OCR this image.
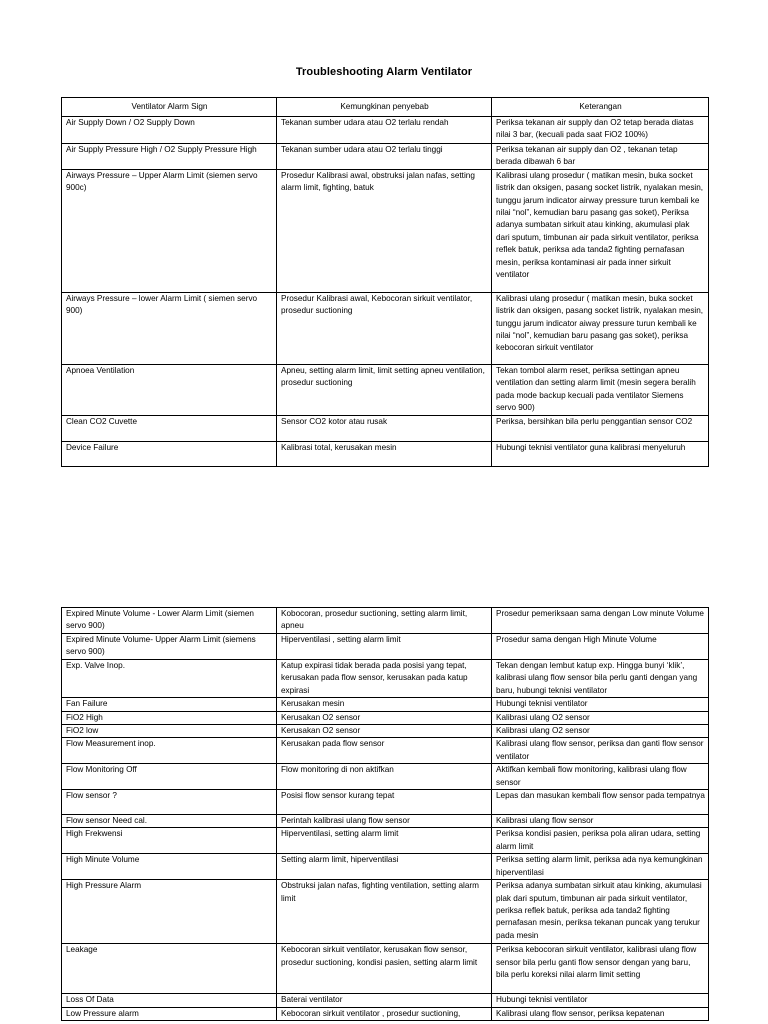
Troubleshooting Alarm Ventilator
Ventilator Alarm Sign	Kemungkinan penyebab	Keterangan
Air Supply Down / O2 Supply Down	Tekanan sumber udara atau O2 terlalu rendah	Periksa tekanan air supply dan O2 tetap berada diatas nilai 3 bar, (kecuali pada saat FiO2 100%)
Air Supply Pressure High / O2 Supply Pressure High	Tekanan sumber udara atau O2 terlalu tinggi	Periksa tekanan air supply dan O2 , tekanan tetap berada dibawah 6 bar
Airways Pressure – Upper Alarm Limit (siemen servo 900c)	Prosedur Kalibrasi awal, obstruksi jalan nafas, setting alarm limit, fighting, batuk	Kalibrasi ulang prosedur ( matikan mesin, buka socket listrik dan oksigen, pasang socket listrik, nyalakan mesin, tunggu jarum indicator airway pressure turun kembali ke nilai “nol”, kemudian baru pasang gas soket), Periksa adanya sumbatan sirkuit atau kinking, akumulasi plak dari sputum, timbunan air pada sirkuit ventilator, periksa reflek batuk, periksa ada tanda2 fighting pernafasan mesin, periksa kontaminasi air pada inner sirkuit ventilator
Airways Pressure – lower Alarm Limit ( siemen servo 900)	Prosedur Kalibrasi awal, Kebocoran sirkuit ventilator, prosedur suctioning	Kalibrasi ulang prosedur ( matikan mesin, buka socket listrik dan oksigen, pasang socket listrik, nyalakan mesin, tunggu jarum indicator aiway pressure turun kembali ke nilai “nol”, kemudian baru pasang gas soket), periksa kebocoran sirkuit ventilator
Apnoea Ventilation	Apneu, setting alarm limit, limit setting apneu ventilation, prosedur suctioning	Tekan tombol alarm reset, periksa settingan apneu ventilation dan setting alarm limit (mesin segera beralih pada mode backup kecuali pada ventilator Siemens servo 900)
Clean CO2 Cuvette	Sensor CO2 kotor atau rusak	Periksa, bersihkan bila perlu penggantian sensor CO2
Device Failure	Kalibrasi total, kerusakan mesin	Hubungi teknisi ventilator guna kalibrasi menyeluruh
Expired Minute Volume - Lower Alarm Limit (siemen servo 900)	Kobocoran, prosedur suctioning, setting alarm limit, apneu	Prosedur pemeriksaan sama dengan Low minute Volume
Expired Minute Volume- Upper Alarm Limit (siemens servo 900)	Hiperventilasi , setting alarm limit	Prosedur sama dengan High Minute Volume
Exp. Valve Inop.	Katup expirasi tidak berada pada posisi yang tepat, kerusakan pada flow sensor, kerusakan pada katup expirasi	Tekan dengan lembut katup exp. Hingga bunyi ‘klik’, kalibrasi ulang flow sensor bila perlu ganti dengan yang baru, hubungi teknisi ventilator
Fan Failure	Kerusakan mesin	Hubungi teknisi ventilator
FiO2 High	Kerusakan O2 sensor	Kalibrasi ulang O2 sensor
FiO2 low	Kerusakan O2 sensor	Kalibrasi ulang O2 sensor
Flow Measurement inop.	Kerusakan pada flow sensor	Kalibrasi ulang flow sensor, periksa dan ganti flow sensor ventilator
Flow Monitoring Off	Flow monitoring di non aktifkan	Aktifkan kembali flow monitoring, kalibrasi ulang flow sensor
Flow sensor ?	Posisi flow sensor kurang tepat	Lepas dan masukan kembali flow sensor pada tempatnya
Flow sensor Need cal.	Perintah kalibrasi ulang flow sensor	Kalibrasi ulang flow sensor
High Frekwensi	Hiperventilasi, setting alarm limit	Periksa kondisi pasien, periksa pola aliran udara, setting alarm limit
High Minute Volume	Setting alarm limit, hiperventilasi	Periksa setting alarm limit, periksa ada nya kemungkinan hiperventilasi
High Pressure Alarm	Obstruksi jalan nafas, fighting ventilation, setting alarm limit	Periksa adanya sumbatan sirkuit atau kinking, akumulasi plak dari sputum, timbunan air pada sirkuit ventilator, periksa reflek batuk, periksa ada tanda2 fighting pernafasan mesin, periksa tekanan puncak yang terukur pada mesin
Leakage	Kebocoran sirkuit ventilator, kerusakan flow sensor, prosedur suctioning, kondisi pasien, setting alarm limit	Periksa kebocoran sirkuit ventilator, kalibrasi ulang flow sensor bila perlu ganti flow sensor dengan yang baru, bila perlu koreksi nilai alarm limit setting
Loss Of Data	Baterai ventilator	Hubungi teknisi ventilator
Low Pressure alarm	Kebocoran sirkuit ventilator , prosedur suctioning,	Kalibrasi ulang flow sensor, periksa kepatenan
